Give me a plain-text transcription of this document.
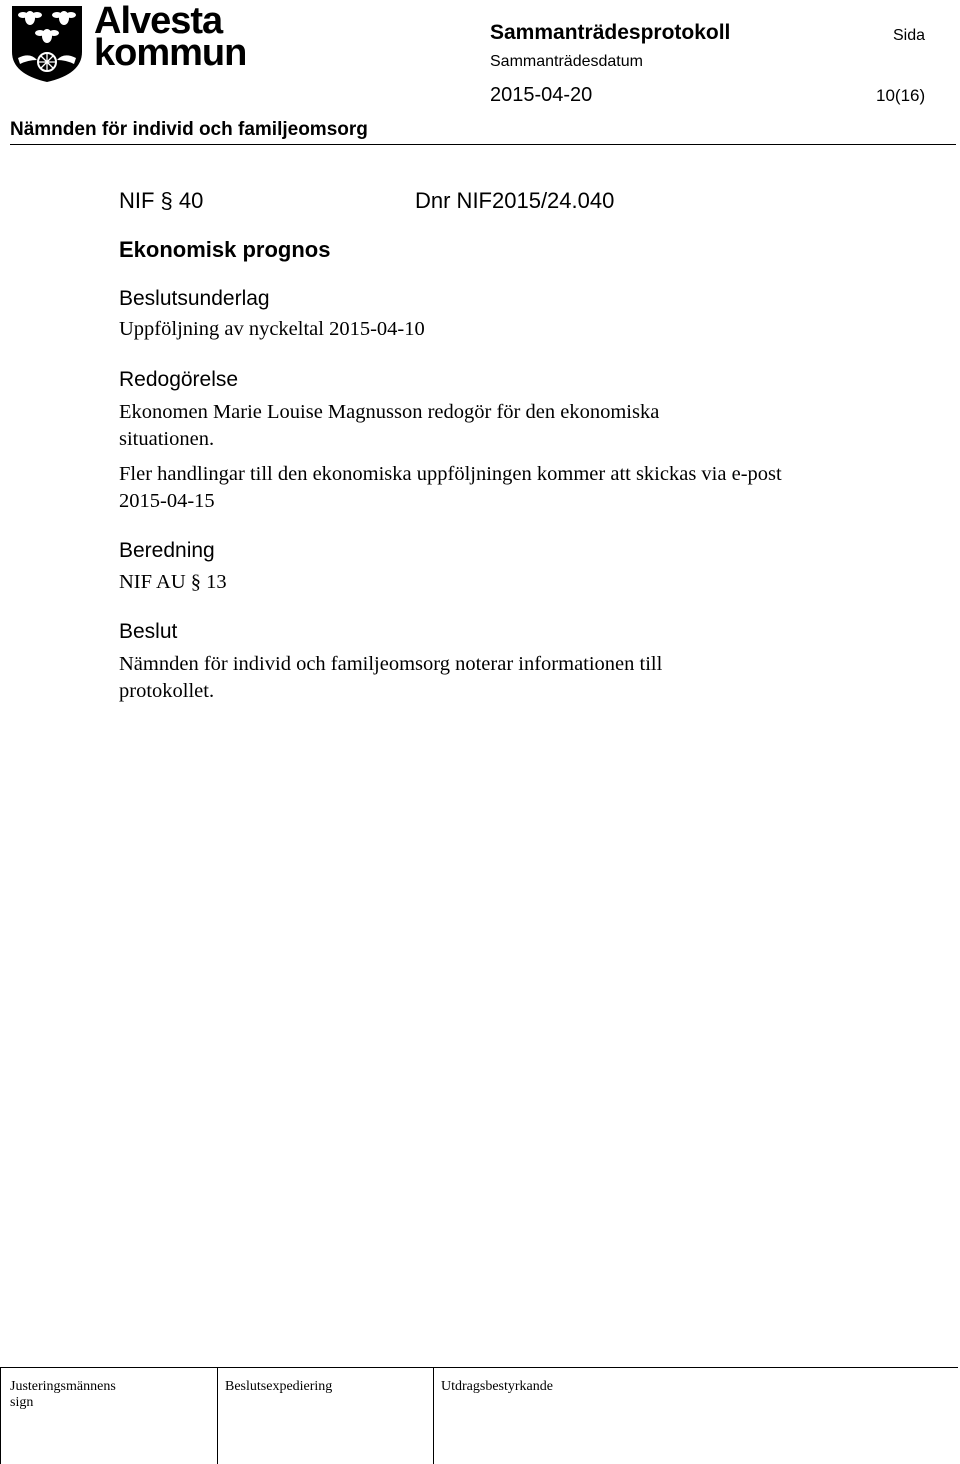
Alvesta
kommun	Sammanträdesprotokoll	Sida
Sammanträdesdatum
2015-04-20	10(16)
Nämnden för individ och familjeomsorg
NIF § 40	Dnr NIF2015/24.040
Ekonomisk prognos
Beslutsunderlag
Uppföljning av nyckeltal 2015-04-10
Redogörelse
Ekonomen Marie Louise Magnusson redogör för den ekonomiska situationen.
Fler handlingar till den ekonomiska uppföljningen kommer att skickas via e-post 2015-04-15
Beredning
NIF AU § 13
Beslut
Nämnden för individ och familjeomsorg noterar informationen till protokollet.
Justeringsmännens sign
Beslutsexpediering	Utdragsbestyrkande
